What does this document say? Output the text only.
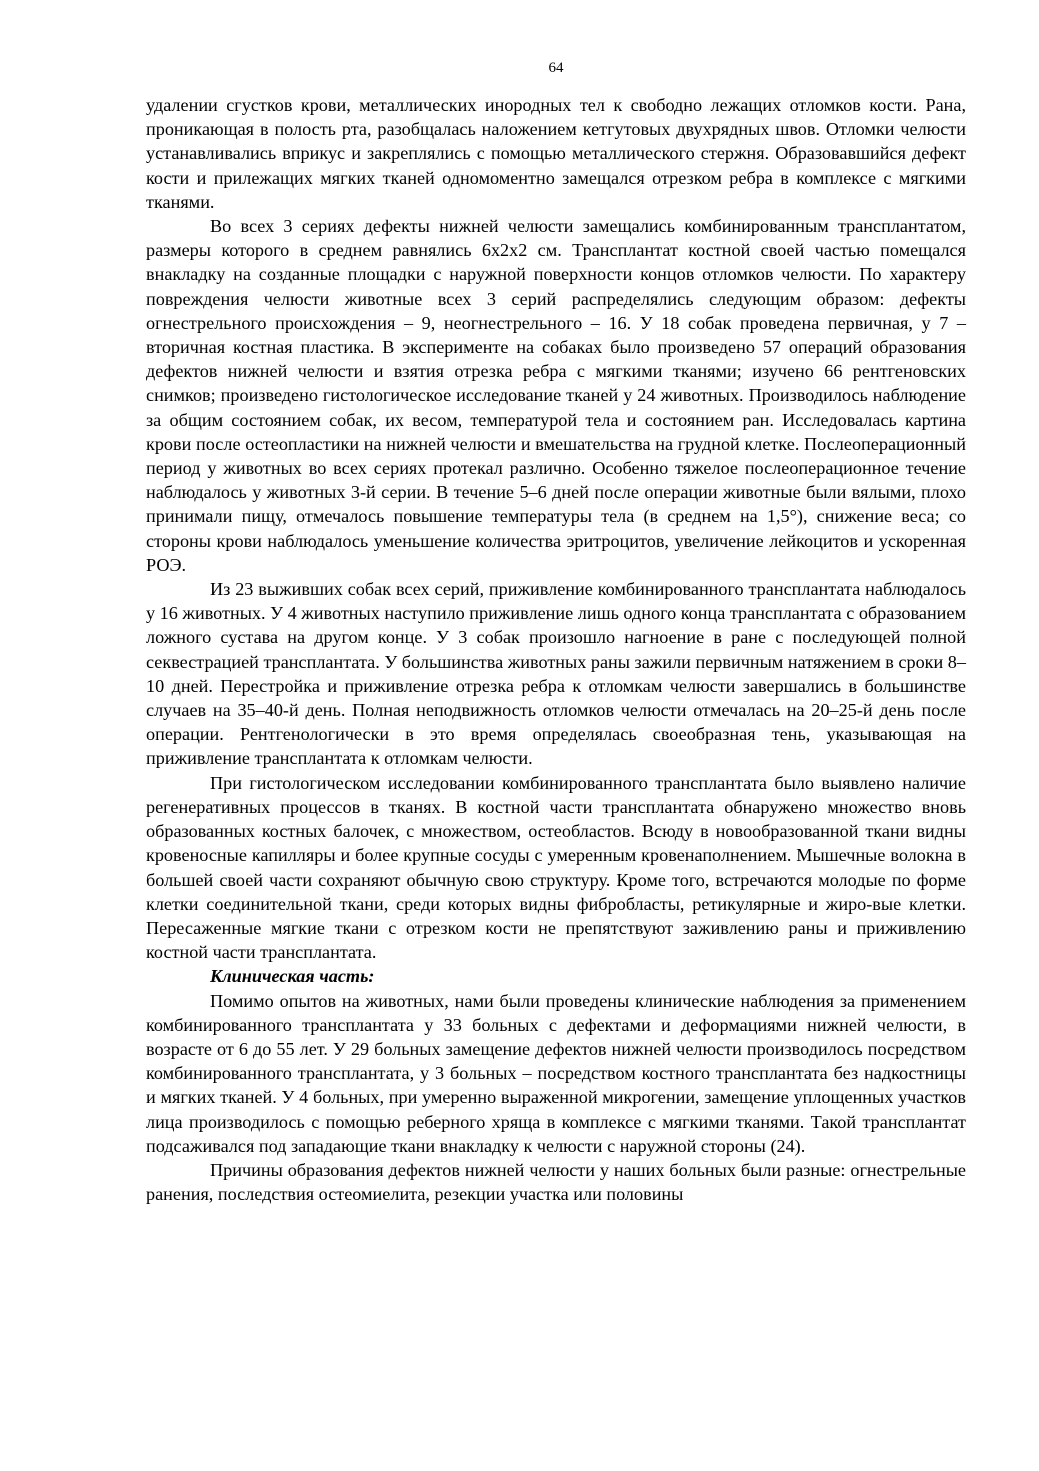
64

удалении сгустков крови, металлических инородных тел к свободно лежащих отломков кости. Рана, проникающая в полость рта, разобщалась наложением кетгутовых двухрядных швов. Отломки челюсти устанавливались вприкус и закреплялись с помощью металлического стержня. Образовавшийся дефект кости и прилежащих мягких тканей одномоментно замещался отрезком ребра в комплексе с мягкими тканями.

Во всех 3 сериях дефекты нижней челюсти замещались комбинированным трансплантатом, размеры которого в среднем равнялись 6x2x2 см. Трансплантат костной своей частью помещался внакладку на созданные площадки с наружной поверхности концов отломков челюсти. По характеру повреждения челюсти животные всех 3 серий распределялись следующим образом: дефекты огнестрельного происхождения – 9, неогнестрельного – 16. У 18 собак проведена первичная, у 7 – вторичная костная пластика. В эксперименте на собаках было произведено 57 операций образования дефектов нижней челюсти и взятия отрезка ребра с мягкими тканями; изучено 66 рентгеновских снимков; произведено гистологическое исследование тканей у 24 животных. Производилось наблюдение за общим состоянием собак, их весом, температурой тела и состоянием ран. Исследовалась картина крови после остеопластики на нижней челюсти и вмешательства на грудной клетке. Послеоперационный период у животных во всех сериях протекал различно. Особенно тяжелое послеоперационное течение наблюдалось у животных 3-й серии. В течение 5–6 дней после операции животные были вялыми, плохо принимали пищу, отмечалось повышение температуры тела (в среднем на 1,5°), снижение веса; со стороны крови наблюдалось уменьшение количества эритроцитов, увеличение лейкоцитов и ускоренная РОЭ.

Из 23 выживших собак всех серий, приживление комбинированного трансплантата наблюдалось у 16 животных. У 4 животных наступило приживление лишь одного конца трансплантата с образованием ложного сустава на другом конце. У 3 собак произошло нагноение в ране с последующей полной секвестрацией трансплантата. У большинства животных раны зажили первичным натяжением в сроки 8–10 дней. Перестройка и приживление отрезка ребра к отломкам челюсти завершались в большинстве случаев на 35–40-й день. Полная неподвижность отломков челюсти отмечалась на 20–25-й день после операции. Рентгенологически в это время определялась своеобразная тень, указывающая на приживление трансплантата к отломкам челюсти.

При гистологическом исследовании комбинированного трансплантата было выявлено наличие регенеративных процессов в тканях. В костной части трансплантата обнаружено множество вновь образованных костных балочек, с множеством, остеобластов. Всюду в новообразованной ткани видны кровеносные капилляры и более крупные сосуды с умеренным кровенаполнением. Мышечные волокна в большей своей части сохраняют обычную свою структуру. Кроме того, встречаются молодые по форме клетки соединительной ткани, среди которых видны фибробласты, ретикулярные и жиро-вые клетки. Пересаженные мягкие ткани с отрезком кости не препятствуют заживлению раны и приживлению костной части трансплантата.

Клиническая часть:

Помимо опытов на животных, нами были проведены клинические наблюдения за применением комбинированного трансплантата у 33 больных с дефектами и деформациями нижней челюсти, в возрасте от 6 до 55 лет. У 29 больных замещение дефектов нижней челюсти производилось посредством комбинированного трансплантата, у 3 больных – посредством костного трансплантата без надкостницы и мягких тканей. У 4 больных, при умеренно выраженной микрогении, замещение уплощенных участков лица производилось с помощью реберного хряща в комплексе с мягкими тканями. Такой трансплантат подсаживался под западающие ткани внакладку к челюсти с наружной стороны (24).

Причины образования дефектов нижней челюсти у наших больных были разные: огнестрельные ранения, последствия остеомиелита, резекции участка или половины
